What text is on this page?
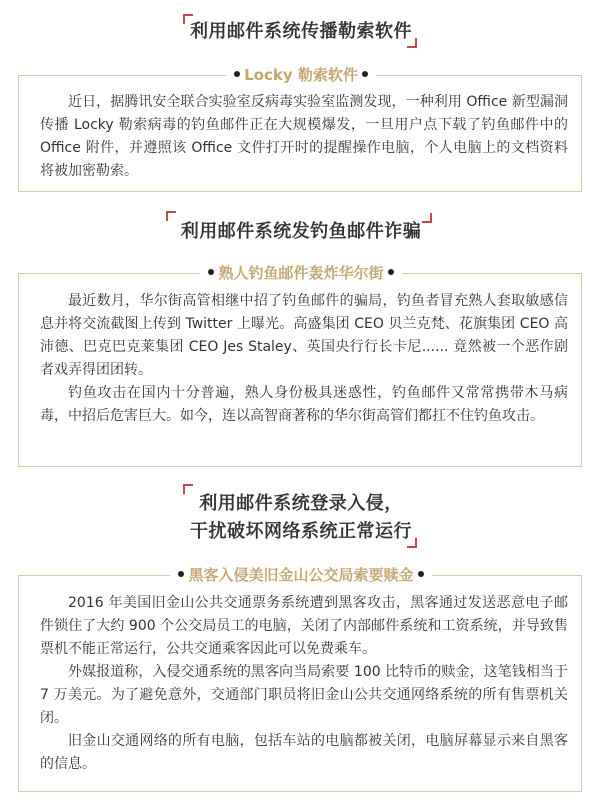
利用邮件系统传播勒索软件
Locky 勒索软件

近日，据腾讯安全联合实验室反病毒实验室监测发现，一种利用 Office 新型漏洞传播 Locky 勒索病毒的钓鱼邮件正在大规模爆发，一旦用户点下载了钓鱼邮件中的 Office 附件，并遵照该 Office 文件打开时的提醒操作电脑，个人电脑上的文档资料将被加密勒索。

利用邮件系统发钓鱼邮件诈骗
熟人钓鱼邮件轰炸华尔街

最近数月，华尔街高管相继中招了钓鱼邮件的骗局，钓鱼者冒充熟人套取敏感信息并将交流截图上传到 Twitter 上曝光。高盛集团 CEO 贝兰克梵、花旗集团 CEO 高沛德、巴克巴克莱集团 CEO Jes Staley、英国央行行长卡尼...... 竟然被一个恶作剧者戏弄得团团转。

钓鱼攻击在国内十分普遍，熟人身份极具迷惑性，钓鱼邮件又常常携带木马病毒，中招后危害巨大。如今，连以高智商著称的华尔街高管们都扛不住钓鱼攻击。

利用邮件系统登录入侵，
干扰破坏网络系统正常运行
黑客入侵美旧金山公交局索要赎金

2016 年美国旧金山公共交通票务系统遭到黑客攻击，黑客通过发送恶意电子邮件锁住了大约 900 个公交局员工的电脑，关闭了内部邮件系统和工资系统，并导致售票机不能正常运行，公共交通乘客因此可以免费乘车。

外媒报道称，入侵交通系统的黑客向当局索要 100 比特币的赎金，这笔钱相当于 7 万美元。为了避免意外，交通部门职员将旧金山公共交通网络系统的所有售票机关闭。

旧金山交通网络的所有电脑，包括车站的电脑都被关闭，电脑屏幕显示来自黑客的信息。
